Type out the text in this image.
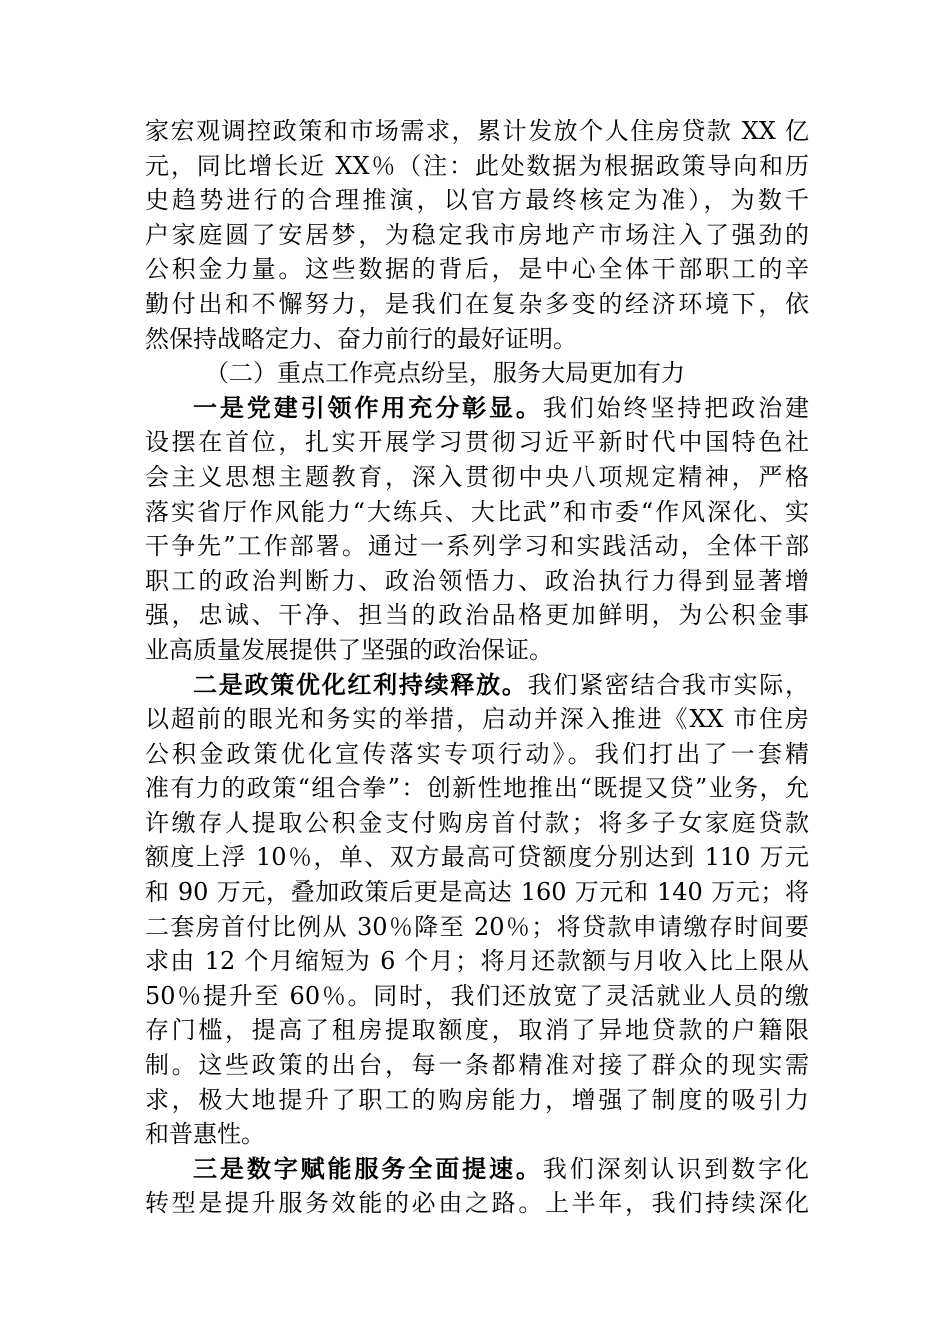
家宏观调控政策和市场需求，累计发放个人住房贷款 XX 亿
元，同比增长近 XX％（注：此处数据为根据政策导向和历
史趋势进行的合理推演，以官方最终核定为准），为数千
户家庭圆了安居梦，为稳定我市房地产市场注入了强劲的
公积金力量。这些数据的背后，是中心全体干部职工的辛
勤付出和不懈努力，是我们在复杂多变的经济环境下，依
然保持战略定力、奋力前行的最好证明。
（二）重点工作亮点纷呈，服务大局更加有力
一是党建引领作用充分彰显。我们始终坚持把政治建
设摆在首位，扎实开展学习贯彻习近平新时代中国特色社
会主义思想主题教育，深入贯彻中央八项规定精神，严格
落实省厅作风能力“大练兵、大比武”和市委“作风深化、实
干争先”工作部署。通过一系列学习和实践活动，全体干部
职工的政治判断力、政治领悟力、政治执行力得到显著增
强，忠诚、干净、担当的政治品格更加鲜明，为公积金事
业高质量发展提供了坚强的政治保证。
二是政策优化红利持续释放。我们紧密结合我市实际，
以超前的眼光和务实的举措，启动并深入推进《XX 市住房
公积金政策优化宣传落实专项行动》。我们打出了一套精
准有力的政策“组合拳”：创新性地推出“既提又贷”业务，允
许缴存人提取公积金支付购房首付款；将多子女家庭贷款
额度上浮 10％，单、双方最高可贷额度分别达到 110 万元
和 90 万元，叠加政策后更是高达 160 万元和 140 万元；将
二套房首付比例从 30％降至 20％；将贷款申请缴存时间要
求由 12 个月缩短为 6 个月；将月还款额与月收入比上限从
50％提升至 60％。同时，我们还放宽了灵活就业人员的缴
存门槛，提高了租房提取额度，取消了异地贷款的户籍限
制。这些政策的出台，每一条都精准对接了群众的现实需
求，极大地提升了职工的购房能力，增强了制度的吸引力
和普惠性。
三是数字赋能服务全面提速。我们深刻认识到数字化
转型是提升服务效能的必由之路。上半年，我们持续深化
